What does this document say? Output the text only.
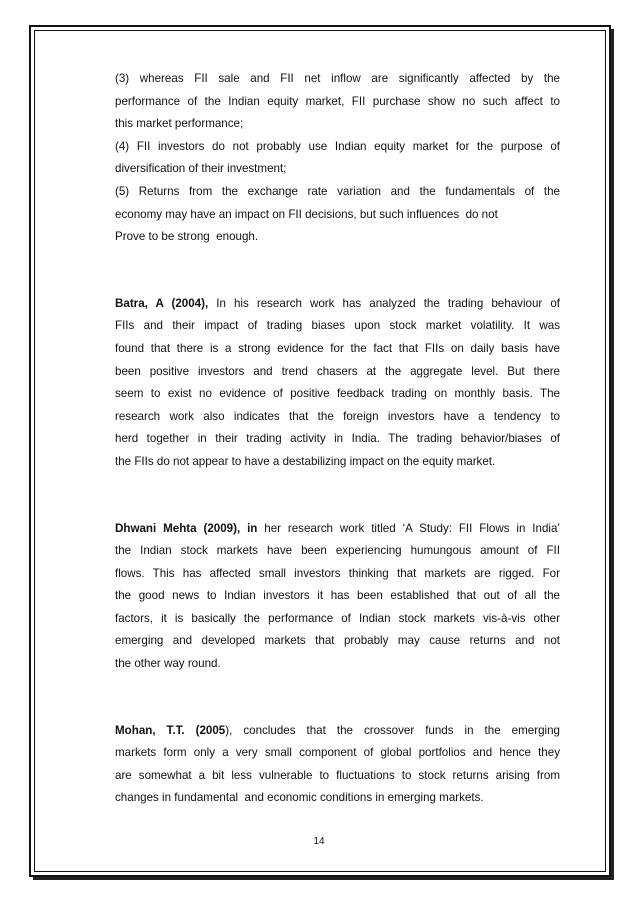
(3)  whereas  FII  sale  and  FII  net  inflow  are  significantly  affected  by  the
performance of the Indian equity market, FII purchase show no such affect to
this market performance;
(4) FII investors do not probably use Indian equity market for the purpose of
diversification of their investment;
(5)  Returns  from  the  exchange  rate  variation  and  the  fundamentals  of  the
economy may have an impact on FII decisions, but such influences  do not
Prove to be strong  enough.

Batra, A (2004), In his research work has analyzed the trading behaviour of
FIIs and their impact of trading biases upon stock market volatility. It was
found that there is a strong evidence for the fact that FIIs on daily basis have
been positive investors and trend chasers at the aggregate level. But there
seem to exist no evidence of positive feedback trading on monthly basis. The
research work also indicates that the foreign investors have a tendency to
herd together in their trading activity in India. The trading behavior/biases of
the FIIs do not appear to have a destabilizing impact on the equity market.

Dhwani Mehta (2009), in her research work titled ‘A Study: FII Flows in India’
the Indian stock markets have been experiencing humungous amount of FII
flows. This has affected small investors thinking that markets are rigged. For
the good news to Indian investors it has been established that out of all the
factors, it is basically the performance of Indian stock markets vis-à-vis other
emerging and developed markets that probably may cause returns and not
the other way round.

Mohan,  T.T.  (2005),  concludes  that  the  crossover  funds  in  the  emerging
markets form only a very small component of global portfolios and hence they
are somewhat a bit less vulnerable to fluctuations to stock returns arising from
changes in fundamental  and economic conditions in emerging markets.

14
